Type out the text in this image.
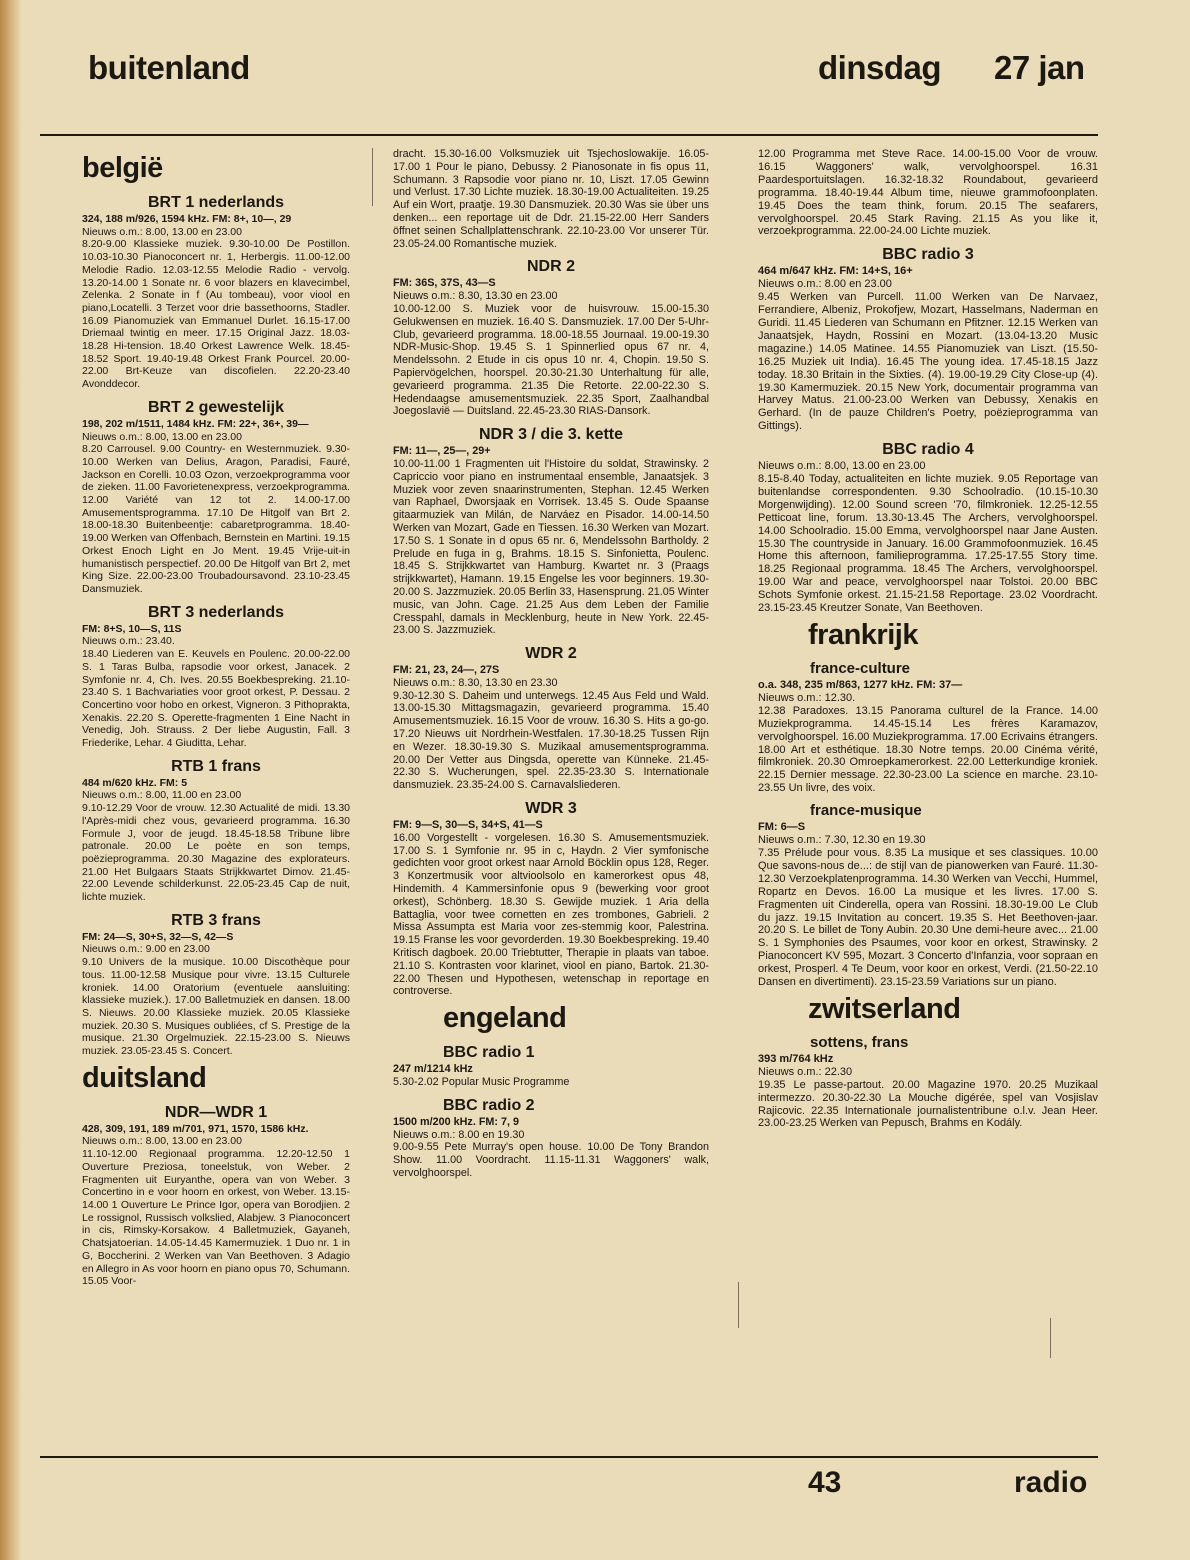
buitenland	dinsdag 27 jan
belgië
BRT 1 nederlands
324, 188 m/926, 1594 kHz. FM: 8+, 10—, 29
Nieuws o.m.: 8.00, 13.00 en 23.00
8.20-9.00 Klassieke muziek. 9.30-10.00 De Postillon. 10.03-10.30 Pianoconcert nr. 1, Herbergis. 11.00-12.00 Melodie Radio. 12.03-12.55 Melodie Radio - vervolg. 13.20-14.00 1 Sonate nr. 6 voor blazers en klavecimbel, Zelenka. 2 Sonate in f (Au tombeau), voor viool en piano,Locatelli. 3 Terzet voor drie bassethoorns, Stadler. 16.09 Pianomuziek van Emmanuel Durlet. 16.15-17.00 Driemaal twintig en meer. 17.15 Original Jazz. 18.03-18.28 Hi-tension. 18.40 Orkest Lawrence Welk. 18.45-18.52 Sport. 19.40-19.48 Orkest Frank Pourcel. 20.00-22.00 Brt-Keuze van discofielen. 22.20-23.40 Avonddecor.
BRT 2 gewestelijk
198, 202 m/1511, 1484 kHz. FM: 22+, 36+, 39—
Nieuws o.m.: 8.00, 13.00 en 23.00
8.20 Carrousel. 9.00 Country- en Westernmuziek. 9.30-10.00 Werken van Delius, Aragon, Paradisi, Fauré, Jackson en Corelli. 10.03 Ozon, verzoekprogramma voor de zieken. 11.00 Favorietenexpress, verzoekprogramma. 12.00 Variété van 12 tot 2. 14.00-17.00 Amusementsprogramma. 17.10 De Hitgolf van Brt 2. 18.00-18.30 Buitenbeentje: cabaretprogramma. 18.40-19.00 Werken van Offenbach, Bernstein en Martini. 19.15 Orkest Enoch Light en Jo Ment. 19.45 Vrije-uit-in humanistisch perspectief. 20.00 De Hitgolf van Brt 2, met King Size. 22.00-23.00 Troubadoursavond. 23.10-23.45 Dansmuziek.
BRT 3 nederlands
FM: 8+S, 10—S, 11S
Nieuws o.m.: 23.40.
18.40 Liederen van E. Keuvels en Poulenc. 20.00-22.00 S. 1 Taras Bulba, rapsodie voor orkest, Janacek. 2 Symfonie nr. 4, Ch. Ives. 20.55 Boekbespreking. 21.10-23.40 S. 1 Bachvariaties voor groot orkest, P. Dessau. 2 Concertino voor hobo en orkest, Vigneron. 3 Pithoprakta, Xenakis. 22.20 S. Operette-fragmenten 1 Eine Nacht in Venedig, Joh. Strauss. 2 Der liebe Augustin, Fall. 3 Friederike, Lehar. 4 Giuditta, Lehar.
RTB 1 frans
484 m/620 kHz. FM: 5
Nieuws o.m.: 8.00, 11.00 en 23.00
9.10-12.29 Voor de vrouw. 12.30 Actualité de midi. 13.30 l'Après-midi chez vous, gevarieerd programma. 16.30 Formule J, voor de jeugd. 18.45-18.58 Tribune libre patronale. 20.00 Le poète en son temps, poëzieprogramma. 20.30 Magazine des explorateurs. 21.00 Het Bulgaars Staats Strijkkwartet Dimov. 21.45-22.00 Levende schilderkunst. 22.05-23.45 Cap de nuit, lichte muziek.
RTB 3 frans
FM: 24—S, 30+S, 32—S, 42—S
Nieuws o.m.: 9.00 en 23.00
9.10 Univers de la musique. 10.00 Discothèque pour tous. 11.00-12.58 Musique pour vivre. 13.15 Culturele kroniek. 14.00 Oratorium (eventuele aansluiting: klassieke muziek.). 17.00 Balletmuziek en dansen. 18.00 S. Nieuws. 20.00 Klassieke muziek. 20.05 Klassieke muziek. 20.30 S. Musiques oubliées, cf S. Prestige de la musique. 21.30 Orgelmuziek. 22.15-23.00 S. Nieuws muziek. 23.05-23.45 S. Concert.
duitsland
NDR—WDR 1
428, 309, 191, 189 m/701, 971, 1570, 1586 kHz.
Nieuws o.m.: 8.00, 13.00 en 23.00
11.10-12.00 Regionaal programma. 12.20-12.50 1 Ouverture Preziosa, toneelstuk, von Weber. 2 Fragmenten uit Euryanthe, opera van von Weber. 3 Concertino in e voor hoorn en orkest, von Weber. 13.15-14.00 1 Ouverture Le Prince Igor, opera van Borodjien. 2 Le rossignol, Russisch volkslied, Alabjew. 3 Pianoconcert in cis, Rimsky-Korsakow. 4 Balletmuziek, Gayaneh, Chatsjatoerian. 14.05-14.45 Kamermuziek. 1 Duo nr. 1 in G, Boccherini. 2 Werken van Van Beethoven. 3 Adagio en Allegro in As voor hoorn en piano opus 70, Schumann. 15.05 Voor-
dracht. 15.30-16.00 Volksmuziek uit Tsjechoslowakije. 16.05-17.00 1 Pour le piano, Debussy. 2 Pianosonate in fis opus 11, Schumann. 3 Rapsodie voor piano nr. 10, Liszt. 17.05 Gewinn und Verlust. 17.30 Lichte muziek. 18.30-19.00 Actualiteiten. 19.25 Auf ein Wort, praatje. 19.30 Dansmuziek. 20.30 Was sie über uns denken... een reportage uit de Ddr. 21.15-22.00 Herr Sanders öffnet seinen Schallplattenschrank. 22.10-23.00 Vor unserer Tür. 23.05-24.00 Romantische muziek.
NDR 2
FM: 36S, 37S, 43—S
Nieuws o.m.: 8.30, 13.30 en 23.00
10.00-12.00 S. Muziek voor de huisvrouw. 15.00-15.30 Gelukwensen en muziek. 16.40 S. Dansmuziek. 17.00 Der 5-Uhr-Club, gevarieerd programma. 18.00-18.55 Journaal. 19.00-19.30 NDR-Music-Shop. 19.45 S. 1 Spinnerlied opus 67 nr. 4, Mendelssohn. 2 Etude in cis opus 10 nr. 4, Chopin. 19.50 S. Papiervögelchen, hoorspel. 20.30-21.30 Unterhaltung für alle, gevarieerd programma. 21.35 Die Retorte. 22.00-22.30 S. Hedendaagse amusementsmuziek. 22.35 Sport, Zaalhandbal Joegoslavië — Duitsland. 22.45-23.30 RIAS-Dansork.
NDR 3 / die 3. kette
FM: 11—, 25—, 29+
10.00-11.00 1 Fragmenten uit l'Histoire du soldat, Strawinsky. 2 Capriccio voor piano en instrumentaal ensemble, Janaatsjek. 3 Muziek voor zeven snaarinstrumenten, Stephan. 12.45 Werken van Raphael, Dworsjaak en Vorrisek. 13.45 S. Oude Spaanse gitaarmuziek van Milán, de Narváez en Pisador. 14.00-14.50 Werken van Mozart, Gade en Tiessen. 16.30 Werken van Mozart. 17.50 S. 1 Sonate in d opus 65 nr. 6, Mendelssohn Bartholdy. 2 Prelude en fuga in g, Brahms. 18.15 S. Sinfonietta, Poulenc. 18.45 S. Strijkkwartet van Hamburg. Kwartet nr. 3 (Praags strijkkwartet), Hamann. 19.15 Engelse les voor beginners. 19.30-20.00 S. Jazzmuziek. 20.05 Berlin 33, Hasensprung. 21.05 Winter music, van John. Cage. 21.25 Aus dem Leben der Familie Cresspahl, damals in Mecklenburg, heute in New York. 22.45-23.00 S. Jazzmuziek.
WDR 2
FM: 21, 23, 24—, 27S
Nieuws o.m.: 8.30, 13.30 en 23.30
9.30-12.30 S. Daheim und unterwegs. 12.45 Aus Feld und Wald. 13.00-15.30 Mittagsmagazin, gevarieerd programma. 15.40 Amusementsmuziek. 16.15 Voor de vrouw. 16.30 S. Hits a go-go. 17.20 Nieuws uit Nordrhein-Westfalen. 17.30-18.25 Tussen Rijn en Wezer. 18.30-19.30 S. Muzikaal amusementsprogramma. 20.00 Der Vetter aus Dingsda, operette van Künneke. 21.45-22.30 S. Wucherungen, spel. 22.35-23.30 S. Internationale dansmuziek. 23.35-24.00 S. Carnavalsliederen.
WDR 3
FM: 9—S, 30—S, 34+S, 41—S
16.00 Vorgestellt - vorgelesen. 16.30 S. Amusementsmuziek. 17.00 S. 1 Symfonie nr. 95 in c, Haydn. 2 Vier symfonische gedichten voor groot orkest naar Arnold Böcklin opus 128, Reger. 3 Konzertmusik voor altvioolsolo en kamerorkest opus 48, Hindemith. 4 Kammersinfonie opus 9 (bewerking voor groot orkest), Schönberg. 18.30 S. Gewijde muziek. 1 Aria della Battaglia, voor twee cornetten en zes trombones, Gabrieli. 2 Missa Assumpta est Maria voor zes-stemmig koor, Palestrina. 19.15 Franse les voor gevorderden. 19.30 Boekbespreking. 19.40 Kritisch dagboek. 20.00 Triebtutter, Therapie in plaats van taboe. 21.10 S. Kontrasten voor klarinet, viool en piano, Bartok. 21.30-22.00 Thesen und Hypothesen, wetenschap in reportage en controverse.
engeland
BBC radio 1
247 m/1214 kHz
5.30-2.02 Popular Music Programme
BBC radio 2
1500 m/200 kHz. FM: 7, 9
Nieuws o.m.: 8.00 en 19.30
9.00-9.55 Pete Murray's open house. 10.00 De Tony Brandon Show. 11.00 Voordracht. 11.15-11.31 Waggoners' walk, vervolghoorspel.
12.00 Programma met Steve Race. 14.00-15.00 Voor de vrouw. 16.15 Waggoners' walk, vervolghoorspel. 16.31 Paardesportuitslagen. 16.32-18.32 Roundabout, gevarieerd programma. 18.40-19.44 Album time, nieuwe grammofoonplaten. 19.45 Does the team think, forum. 20.15 The seafarers, vervolghoorspel. 20.45 Stark Raving. 21.15 As you like it, verzoekprogramma. 22.00-24.00 Lichte muziek.
BBC radio 3
464 m/647 kHz. FM: 14+S, 16+
Nieuws o.m.: 8.00 en 23.00
9.45 Werken van Purcell. 11.00 Werken van De Narvaez, Ferrandiere, Albeniz, Prokofjew, Mozart, Hasselmans, Naderman en Guridi. 11.45 Liederen van Schumann en Pfitzner. 12.15 Werken van Janaatsjek, Haydn, Rossini en Mozart. (13.04-13.20 Music magazine.) 14.05 Matinee. 14.55 Pianomuziek van Liszt. (15.50-16.25 Muziek uit India). 16.45 The young idea. 17.45-18.15 Jazz today. 18.30 Britain in the Sixties. (4). 19.00-19.29 City Close-up (4). 19.30 Kamermuziek. 20.15 New York, documentair programma van Harvey Matus. 21.00-23.00 Werken van Debussy, Xenakis en Gerhard. (In de pauze Children's Poetry, poëzieprogramma van Gittings).
BBC radio 4
Nieuws o.m.: 8.00, 13.00 en 23.00
8.15-8.40 Today, actualiteiten en lichte muziek. 9.05 Reportage van buitenlandse correspondenten. 9.30 Schoolradio. (10.15-10.30 Morgenwijding). 12.00 Sound screen '70, filmkroniek. 12.25-12.55 Petticoat line, forum. 13.30-13.45 The Archers, vervolghoorspel. 14.00 Schoolradio. 15.00 Emma, vervolghoorspel naar Jane Austen. 15.30 The countryside in January. 16.00 Grammofoonmuziek. 16.45 Home this afternoon, familieprogramma. 17.25-17.55 Story time. 18.25 Regionaal programma. 18.45 The Archers, vervolghoorspel. 19.00 War and peace, vervolghoorspel naar Tolstoi. 20.00 BBC Schots Symfonie orkest. 21.15-21.58 Reportage. 23.02 Voordracht. 23.15-23.45 Kreutzer Sonate, Van Beethoven.
frankrijk
france-culture
o.a. 348, 235 m/863, 1277 kHz. FM: 37—
Nieuws o.m.: 12.30.
12.38 Paradoxes. 13.15 Panorama culturel de la France. 14.00 Muziekprogramma. 14.45-15.14 Les frères Karamazov, vervolghoorspel. 16.00 Muziekprogramma. 17.00 Ecrivains étrangers. 18.00 Art et esthétique. 18.30 Notre temps. 20.00 Cinéma vérité, filmkroniek. 20.30 Omroepkamerorkest. 22.00 Letterkundige kroniek. 22.15 Dernier message. 22.30-23.00 La science en marche. 23.10-23.55 Un livre, des voix.
france-musique
FM: 6—S
Nieuws o.m.: 7.30, 12.30 en 19.30
7.35 Prélude pour vous. 8.35 La musique et ses classiques. 10.00 Que savons-nous de...: de stijl van de pianowerken van Fauré. 11.30-12.30 Verzoekplatenprogramma. 14.30 Werken van Vecchi, Hummel, Ropartz en Devos. 16.00 La musique et les livres. 17.00 S. Fragmenten uit Cinderella, opera van Rossini. 18.30-19.00 Le Club du jazz. 19.15 Invitation au concert. 19.35 S. Het Beethoven-jaar. 20.20 S. Le billet de Tony Aubin. 20.30 Une demi-heure avec... 21.00 S. 1 Symphonies des Psaumes, voor koor en orkest, Strawinsky. 2 Pianoconcert KV 595, Mozart. 3 Concerto d'Infanzia, voor sopraan en orkest, Prosperl. 4 Te Deum, voor koor en orkest, Verdi. (21.50-22.10 Dansen en divertimenti). 23.15-23.59 Variations sur un piano.
zwitserland
sottens, frans
393 m/764 kHz
Nieuws o.m.: 22.30
19.35 Le passe-partout. 20.00 Magazine 1970. 20.25 Muzikaal intermezzo. 20.30-22.30 La Mouche digérée, spel van Vosjislav Rajicovic. 22.35 Internationale journalistentribune o.l.v. Jean Heer. 23.00-23.25 Werken van Pepusch, Brahms en Kodály.
43	radio
